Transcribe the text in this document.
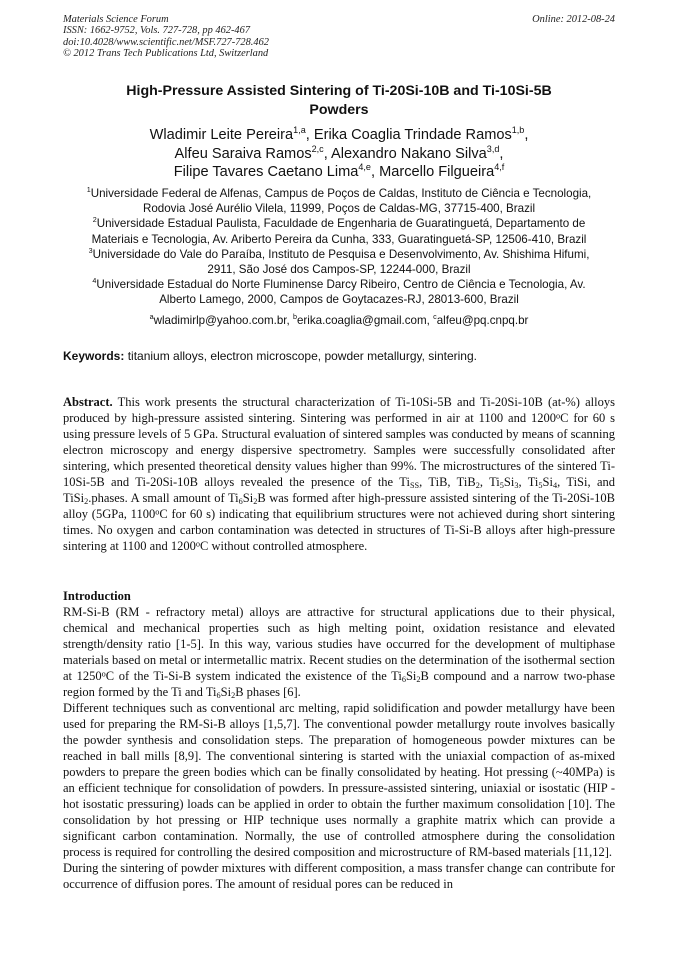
Materials Science Forum
ISSN: 1662-9752, Vols. 727-728, pp 462-467
doi:10.4028/www.scientific.net/MSF.727-728.462
© 2012 Trans Tech Publications Ltd, Switzerland
Online: 2012-08-24
High-Pressure Assisted Sintering of Ti-20Si-10B and Ti-10Si-5B
Powders
Wladimir Leite Pereira$^{1,a}$, Erika Coaglia Trindade Ramos$^{1,b}$,
Alfeu Saraiva Ramos$^{2,c}$, Alexandro Nakano Silva$^{3,d}$,
Filipe Tavares Caetano Lima$^{4,e}$, Marcello Filgueira$^{4,f}$
$^1$Universidade Federal de Alfenas, Campus de Poços de Caldas, Instituto de Ciência e Tecnologia,
Rodovia José Aurélio Vilela, 11999, Poços de Caldas-MG, 37715-400, Brazil
$^2$Universidade Estadual Paulista, Faculdade de Engenharia de Guaratinguetá, Departamento de
Materiais e Tecnologia, Av. Ariberto Pereira da Cunha, 333, Guaratinguetá-SP, 12506-410, Brazil
$^3$Universidade do Vale do Paraíba, Instituto de Pesquisa e Desenvolvimento, Av. Shishima Hifumi,
2911, São José dos Campos-SP, 12244-000, Brazil
$^4$Universidade Estadual do Norte Fluminense Darcy Ribeiro, Centro de Ciência e Tecnologia, Av.
Alberto Lamego, 2000, Campos de Goytacazes-RJ, 28013-600, Brazil
$^a$wladimirlp@yahoo.com.br, $^b$erika.coaglia@gmail.com, $^c$alfeu@pq.cnpq.br
Keywords: titanium alloys, electron microscope, powder metallurgy, sintering.
Abstract. This work presents the structural characterization of Ti-10Si-5B and Ti-20Si-10B (at-%) alloys produced by high-pressure assisted sintering. Sintering was performed in air at 1100 and 1200$^o$C for 60 s using pressure levels of 5 GPa. Structural evaluation of sintered samples was conducted by means of scanning electron microscopy and energy dispersive spectrometry. Samples were successfully consolidated after sintering, which presented theoretical density values higher than 99%. The microstructures of the sintered Ti-10Si-5B and Ti-20Si-10B alloys revealed the presence of the $Ti_{SS}$, TiB, TiB$_2$, $Ti_5Si_3$, $Ti_5Si_4$, TiSi, and TiSi$_2$.phases. A small amount of $Ti_6Si_2B$ was formed after high-pressure assisted sintering of the Ti-20Si-10B alloy (5GPa, 1100$^o$C for 60 s) indicating that equilibrium structures were not achieved during short sintering times. No oxygen and carbon contamination was detected in structures of Ti-Si-B alloys after high-pressure sintering at 1100 and 1200$^o$C without controlled atmosphere.
Introduction

RM-Si-B (RM - refractory metal) alloys are attractive for structural applications due to their physical, chemical and mechanical properties such as high melting point, oxidation resistance and elevated strength/density ratio [1-5]. In this way, various studies have occurred for the development of multiphase materials based on metal or intermetallic matrix. Recent studies on the determination of the isothermal section at 1250$^o$C of the Ti-Si-B system indicated the existence of the $Ti_6Si_2B$ compound and a narrow two-phase region formed by the Ti and $Ti_6Si_2B$ phases [6].

Different techniques such as conventional arc melting, rapid solidification and powder metallurgy have been used for preparing the RM-Si-B alloys [1,5,7]. The conventional powder metallurgy route involves basically the powder synthesis and consolidation steps. The preparation of homogeneous powder mixtures can be reached in ball mills [8,9]. The conventional sintering is started with the uniaxial compaction of as-mixed powders to prepare the green bodies which can be finally consolidated by heating. Hot pressing (~40MPa) is an efficient technique for consolidation of powders. In pressure-assisted sintering, uniaxial or isostatic (HIP - hot isostatic pressuring) loads can be applied in order to obtain the further maximum consolidation [10]. The consolidation by hot pressing or HIP technique uses normally a graphite matrix which can provide a significant carbon contamination. Normally, the use of controlled atmosphere during the consolidation process is required for controlling the desired composition and microstructure of RM-based materials [11,12].

During the sintering of powder mixtures with different composition, a mass transfer change can contribute for occurrence of diffusion pores. The amount of residual pores can be reduced in
